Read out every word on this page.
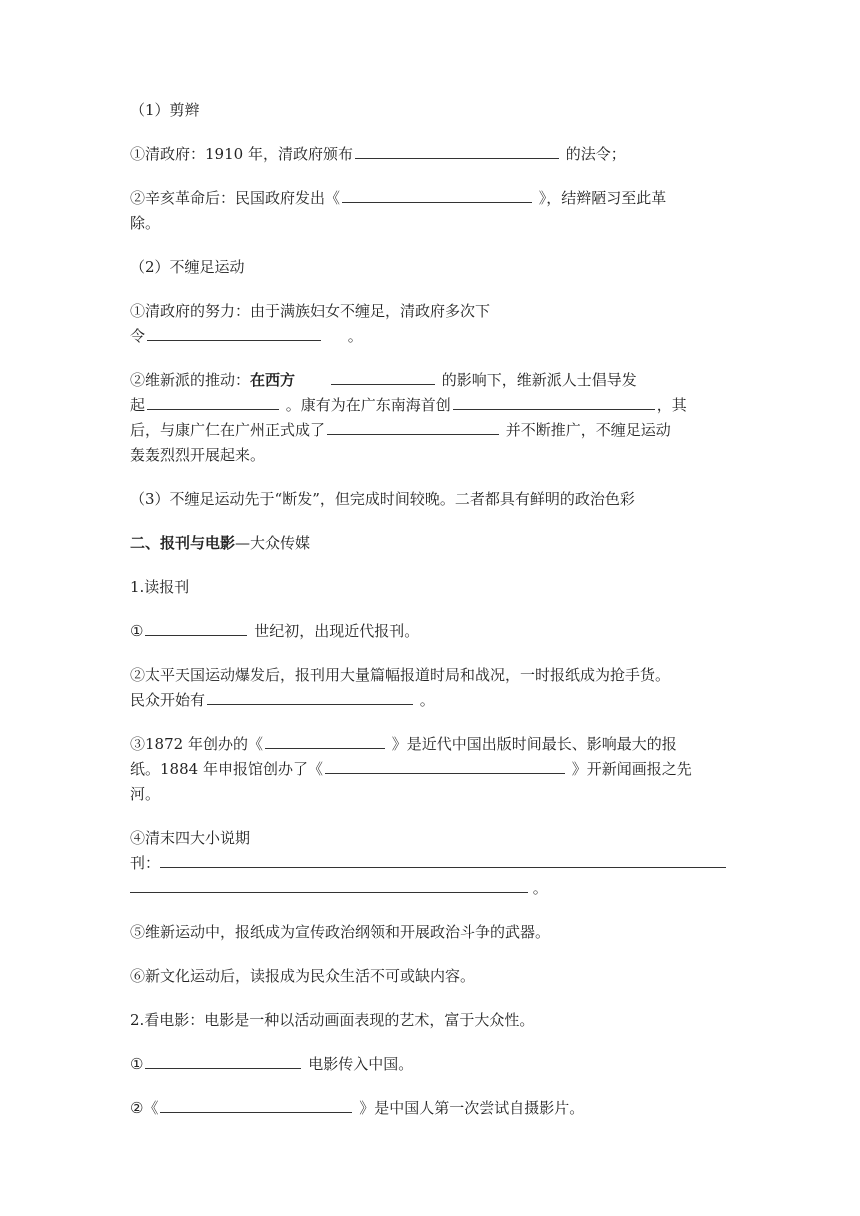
（1）剪辫

①清政府：1910 年，清政府颁布	的法令；

②辛亥革命后：民国政府发出《	》，结辫陋习至此革

除。

（2）不缠足运动

①清政府的努力：由于满族妇女不缠足，清政府多次下

令	。

②维新派的推动：在西方	的影响下，维新派人士倡导发

起	。康有为在广东南海首创	，其

后，与康广仁在广州正式成了	并不断推广，不缠足运动

轰轰烈烈开展起来。

（3）不缠足运动先于“断发”，但完成时间较晚。二者都具有鲜明的政治色彩

二、报刊与电影—大众传媒

1.读报刊

①	世纪初，出现近代报刊。

②太平天国运动爆发后，报刊用大量篇幅报道时局和战况，一时报纸成为抢手货。

民众开始有	。

③1872 年创办的《	》是近代中国出版时间最长、影响最大的报

纸。1884 年申报馆创办了《	》开新闻画报之先

河。

④清末四大小说期

刊：

。

⑤维新运动中，报纸成为宣传政治纲领和开展政治斗争的武器。

⑥新文化运动后，读报成为民众生活不可或缺内容。

2.看电影：电影是一种以活动画面表现的艺术，富于大众性。

①	电影传入中国。

②《	》是中国人第一次尝试自摄影片。
